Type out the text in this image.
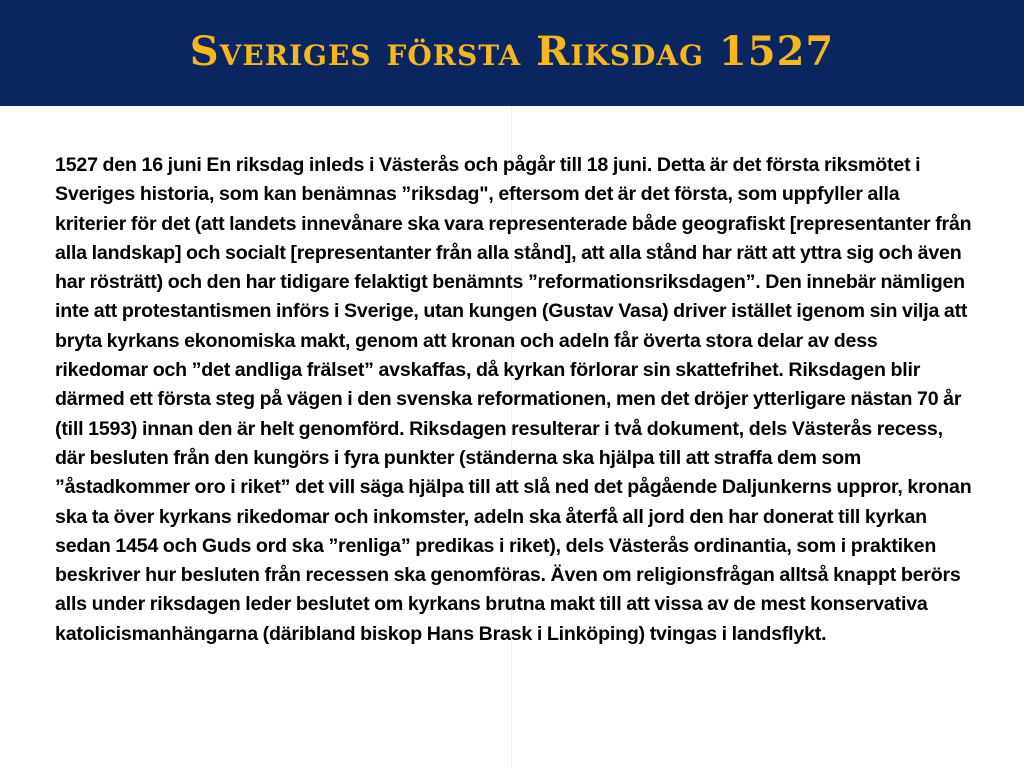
Sveriges första Riksdag 1527

1527 den 16 juni En riksdag inleds i Västerås och pågår till 18 juni. Detta är det första riksmötet i Sveriges historia, som kan benämnas ”riksdag", eftersom det är det första, som uppfyller alla kriterier för det (att landets innevånare ska vara representerade både geografiskt [representanter från alla landskap] och socialt [representanter från alla stånd], att alla stånd har rätt att yttra sig och även har rösträtt) och den har tidigare felaktigt benämnts ”reformationsriksdagen”. Den innebär nämligen inte att protestantismen införs i Sverige, utan kungen (Gustav Vasa) driver istället igenom sin vilja att bryta kyrkans ekonomiska makt, genom att kronan och adeln får överta stora delar av dess rikedomar och ”det andliga frälset” avskaffas, då kyrkan förlorar sin skattefrihet. Riksdagen blir därmed ett första steg på vägen i den svenska reformationen, men det dröjer ytterligare nästan 70 år (till 1593) innan den är helt genomförd. Riksdagen resulterar i två dokument, dels Västerås recess, där besluten från den kungörs i fyra punkter (ständerna ska hjälpa till att straffa dem som ”åstadkommer oro i riket” det vill säga hjälpa till att slå ned det pågående Daljunkerns uppror, kronan ska ta över kyrkans rikedomar och inkomster, adeln ska återfå all jord den har donerat till kyrkan sedan 1454 och Guds ord ska ”renliga” predikas i riket), dels Västerås ordinantia, som i praktiken beskriver hur besluten från recessen ska genomföras. Även om religionsfrågan alltså knappt berörs alls under riksdagen leder beslutet om kyrkans brutna makt till att vissa av de mest konservativa katolicismanhängarna (däribland biskop Hans Brask i Linköping) tvingas i landsflykt.
